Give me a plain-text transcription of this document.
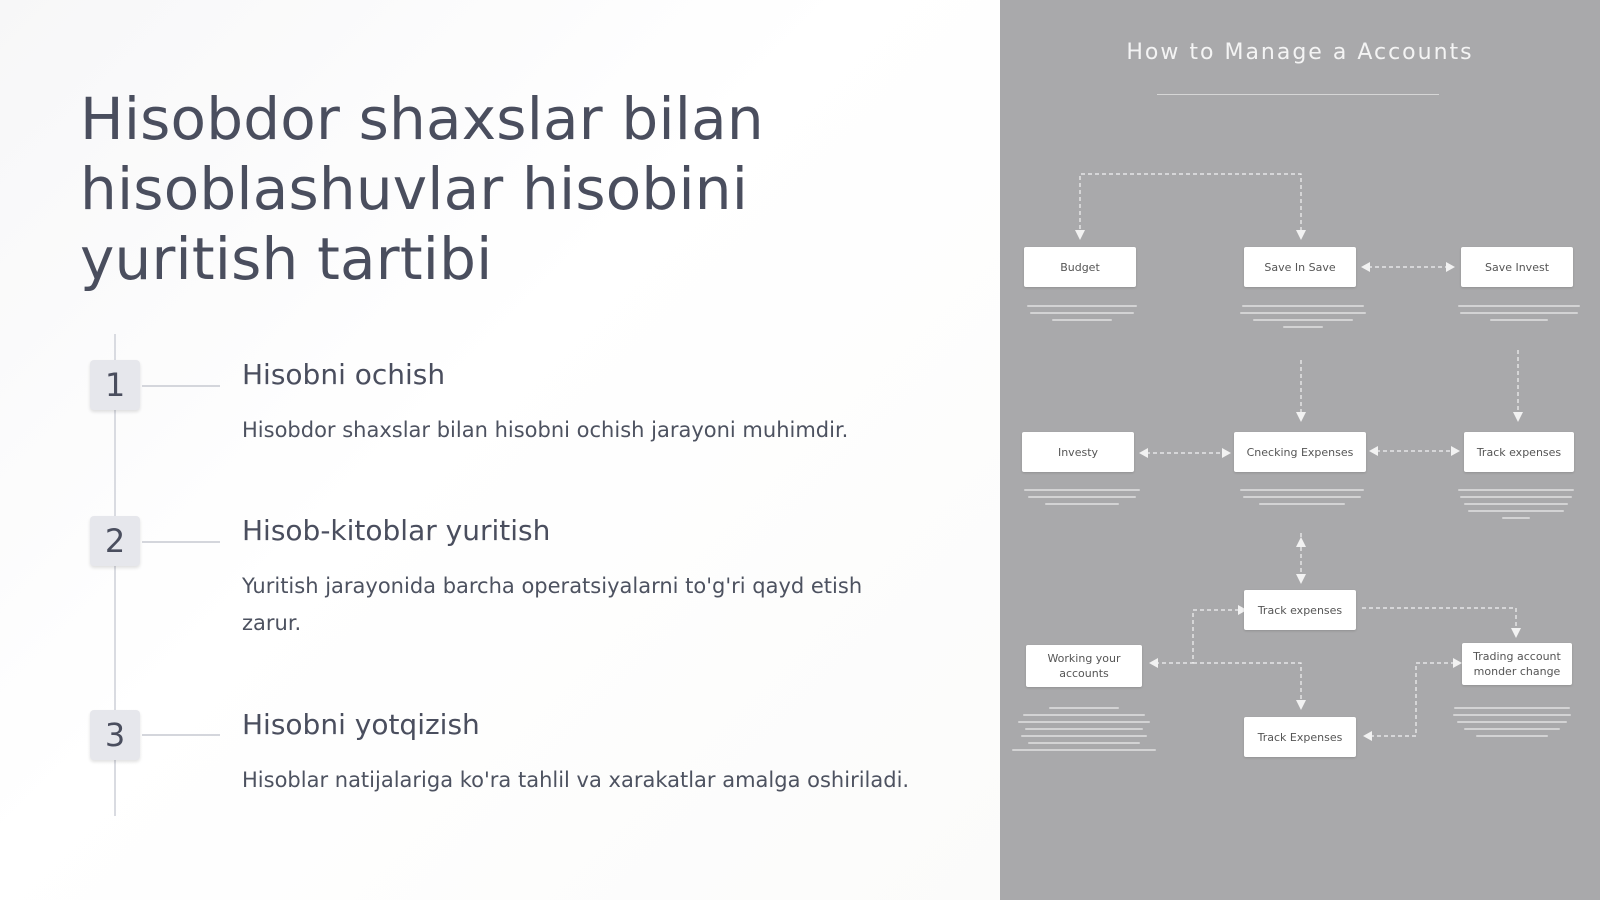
Hisobdor shaxslar bilan
hisoblashuvlar hisobini
yuritish tartibi
1	Hisobni ochish
Hisobdor shaxslar bilan hisobni ochish jarayoni muhimdir.
2	Hisob-kitoblar yuritish
Yuritish jarayonida barcha operatsiyalarni to'g'ri qayd etish zarur.
3	Hisobni yotqizish
Hisoblar natijalariga ko'ra tahlil va xarakatlar amalga oshiriladi.
How to Manage a Accounts
Budget	Save In Save	Save Invest
Investy	Cnecking Expenses	Track expenses
Track expenses
Working your accounts
Trading account monder change
Track Expenses
